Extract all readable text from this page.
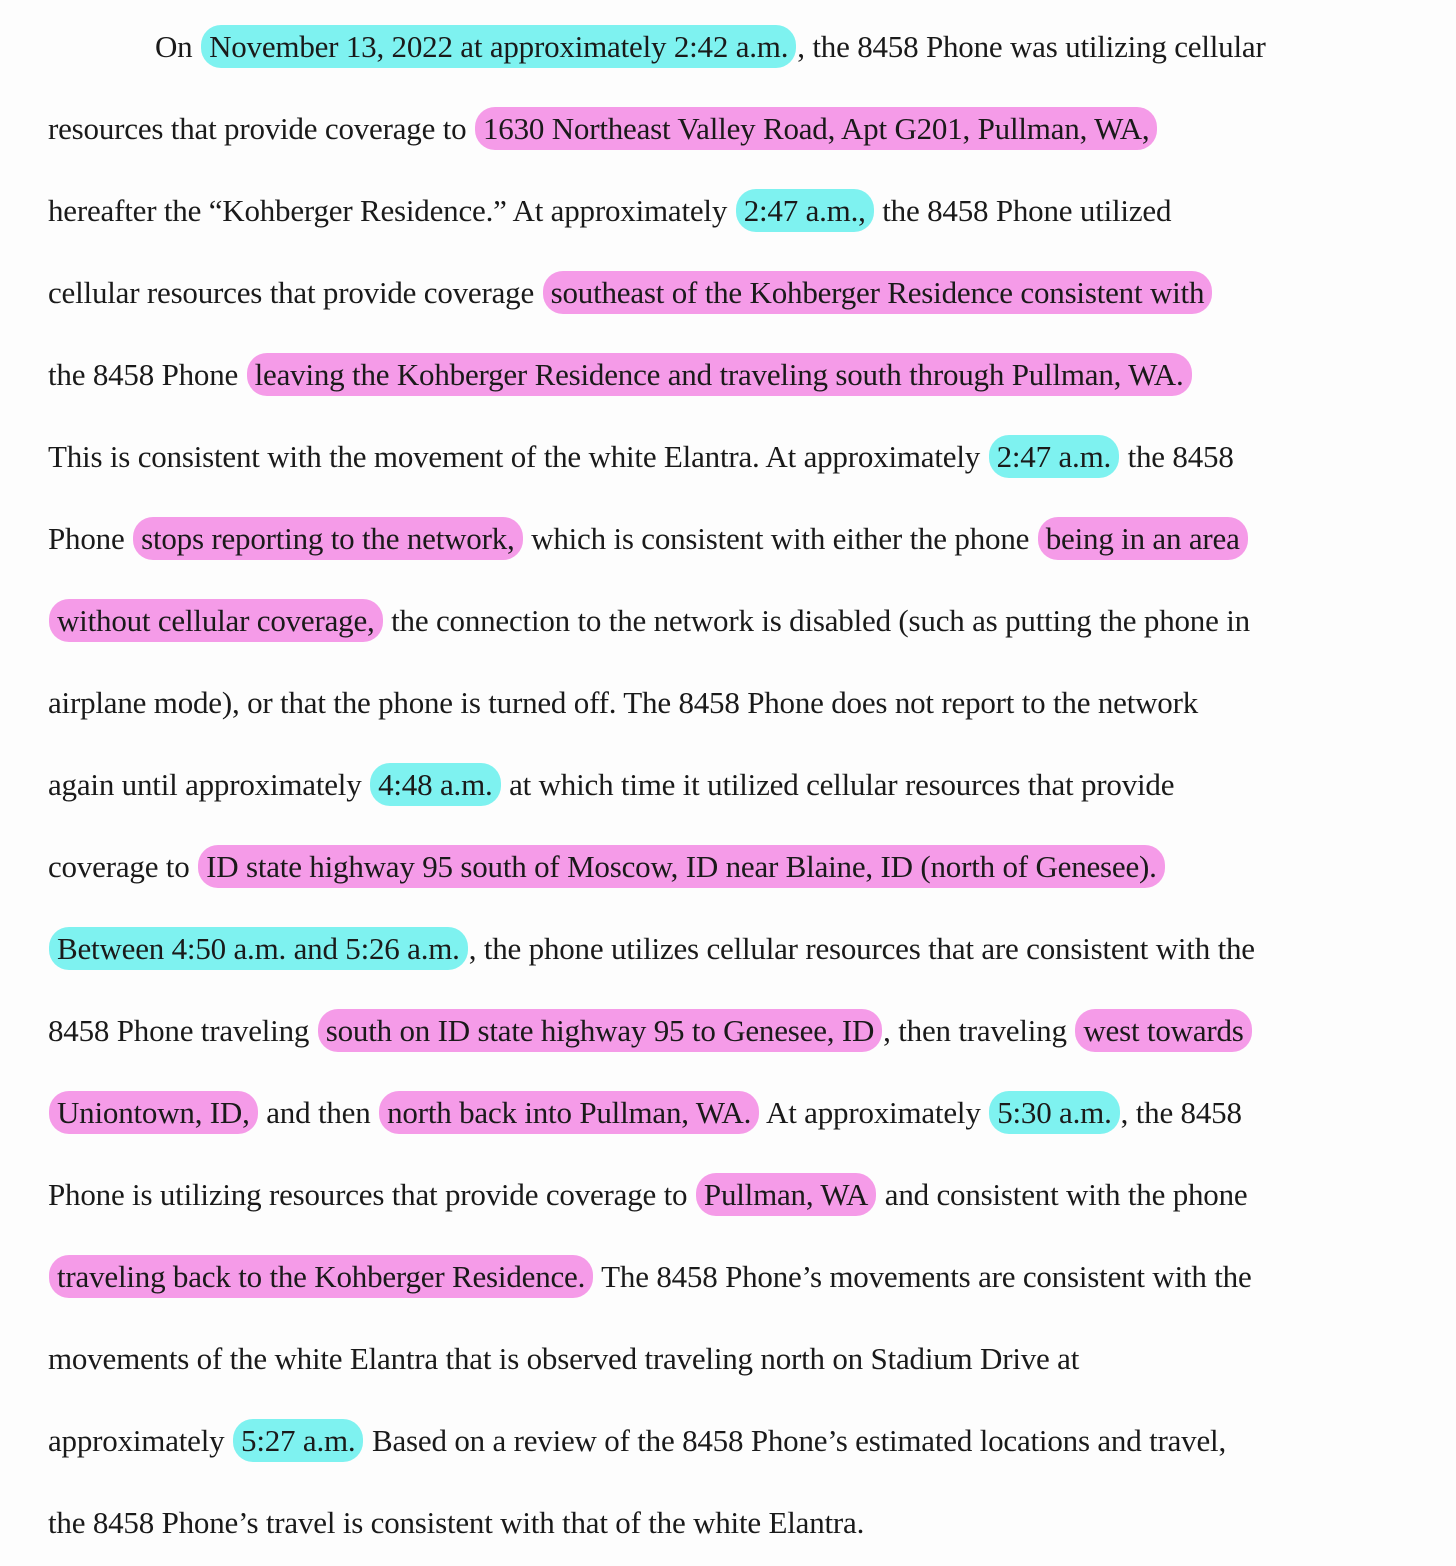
On November 13, 2022 at approximately 2:42 a.m. , the 8458 Phone was utilizing cellular
resources that provide coverage to 1630 Northeast Valley Road, Apt G201, Pullman, WA,
hereafter the “Kohberger Residence.” At approximately 2:47 a.m., the 8458 Phone utilized
cellular resources that provide coverage southeast of the Kohberger Residence consistent with
the 8458 Phone leaving the Kohberger Residence and traveling south through Pullman, WA.
This is consistent with the movement of the white Elantra. At approximately 2:47 a.m. the 8458
Phone stops reporting to the network, which is consistent with either the phone being in an area
without cellular coverage, the connection to the network is disabled (such as putting the phone in
airplane mode), or that the phone is turned off. The 8458 Phone does not report to the network
again until approximately 4:48 a.m. at which time it utilized cellular resources that provide
coverage to ID state highway 95 south of Moscow, ID near Blaine, ID (north of Genesee).
Between 4:50 a.m. and 5:26 a.m. , the phone utilizes cellular resources that are consistent with the
8458 Phone traveling south on ID state highway 95 to Genesee, ID , then traveling west towards
Uniontown, ID, and then north back into Pullman, WA. At approximately 5:30 a.m. , the 8458
Phone is utilizing resources that provide coverage to Pullman, WA and consistent with the phone
traveling back to the Kohberger Residence. The 8458 Phone’s movements are consistent with the
movements of the white Elantra that is observed traveling north on Stadium Drive at
approximately 5:27 a.m. Based on a review of the 8458 Phone’s estimated locations and travel,
the 8458 Phone’s travel is consistent with that of the white Elantra.
